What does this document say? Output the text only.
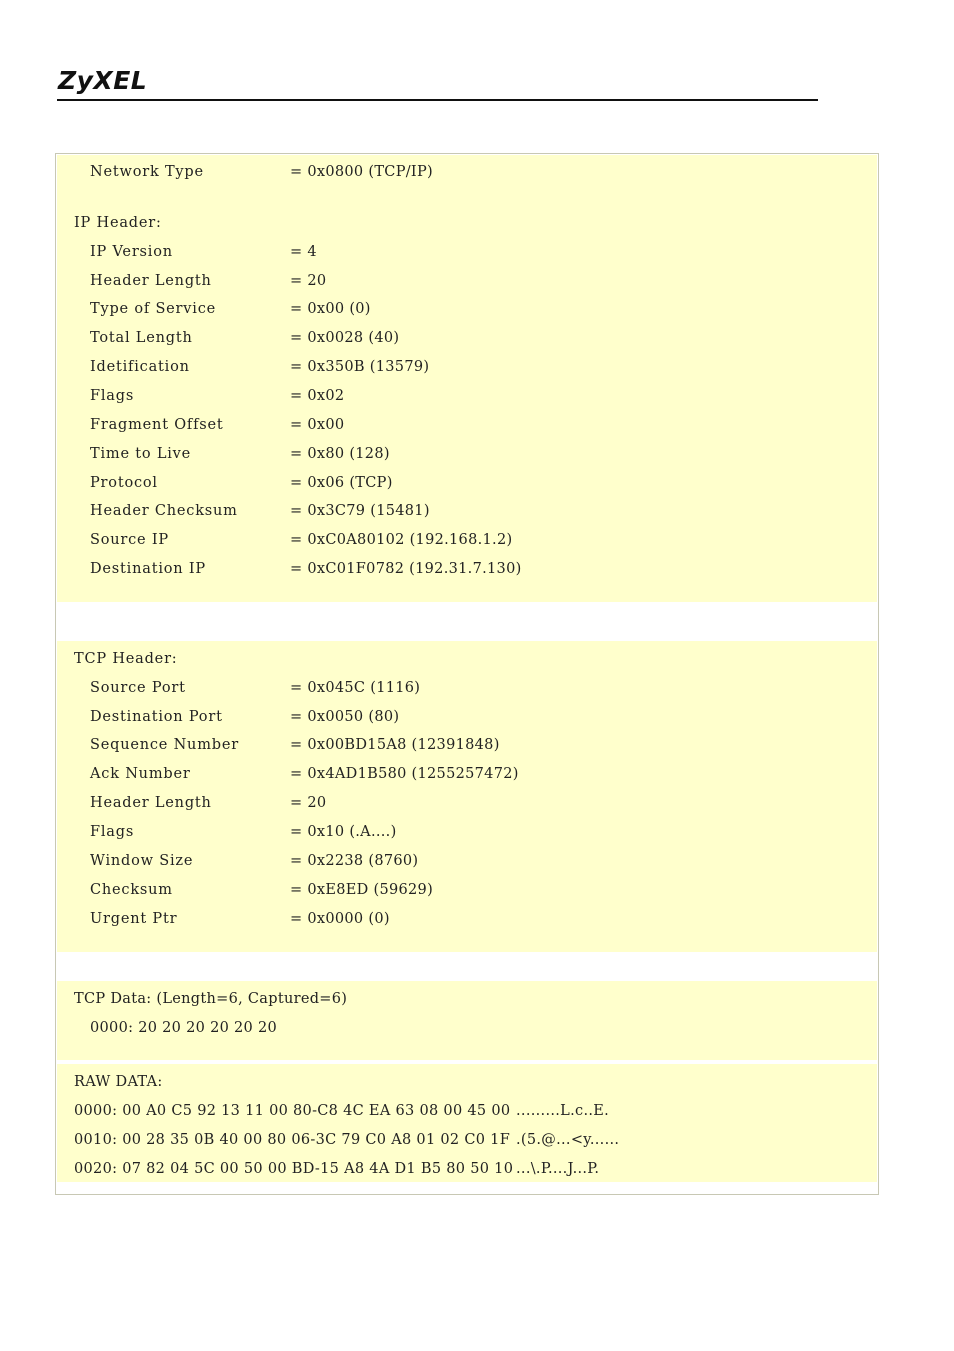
ZyXEL
Network Type	= 0x0800 (TCP/IP)
IP Header:
IP Version	= 4
Header Length	= 20
Type of Service	= 0x00 (0)
Total Length	= 0x0028 (40)
Idetification	= 0x350B (13579)
Flags	= 0x02
Fragment Offset	= 0x00
Time to Live	= 0x80 (128)
Protocol	= 0x06 (TCP)
Header Checksum	= 0x3C79 (15481)
Source IP	= 0xC0A80102 (192.168.1.2)
Destination IP	= 0xC01F0782 (192.31.7.130)
TCP Header:
Source Port	= 0x045C (1116)
Destination Port	= 0x0050 (80)
Sequence Number	= 0x00BD15A8 (12391848)
Ack Number	= 0x4AD1B580 (1255257472)
Header Length	= 20
Flags	= 0x10 (.A....)
Window Size	= 0x2238 (8760)
Checksum	= 0xE8ED (59629)
Urgent Ptr	= 0x0000 (0)
TCP Data: (Length=6, Captured=6)
0000: 20 20 20 20 20 20
RAW DATA:
0000: 00 A0 C5 92 13 11 00 80-C8 4C EA 63 08 00 45 00 .........L.c..E.
0010: 00 28 35 0B 40 00 80 06-3C 79 C0 A8 01 02 C0 1F .(5.@...<y......
0020: 07 82 04 5C 00 50 00 BD-15 A8 4A D1 B5 80 50 10 ...\.P....J...P.
